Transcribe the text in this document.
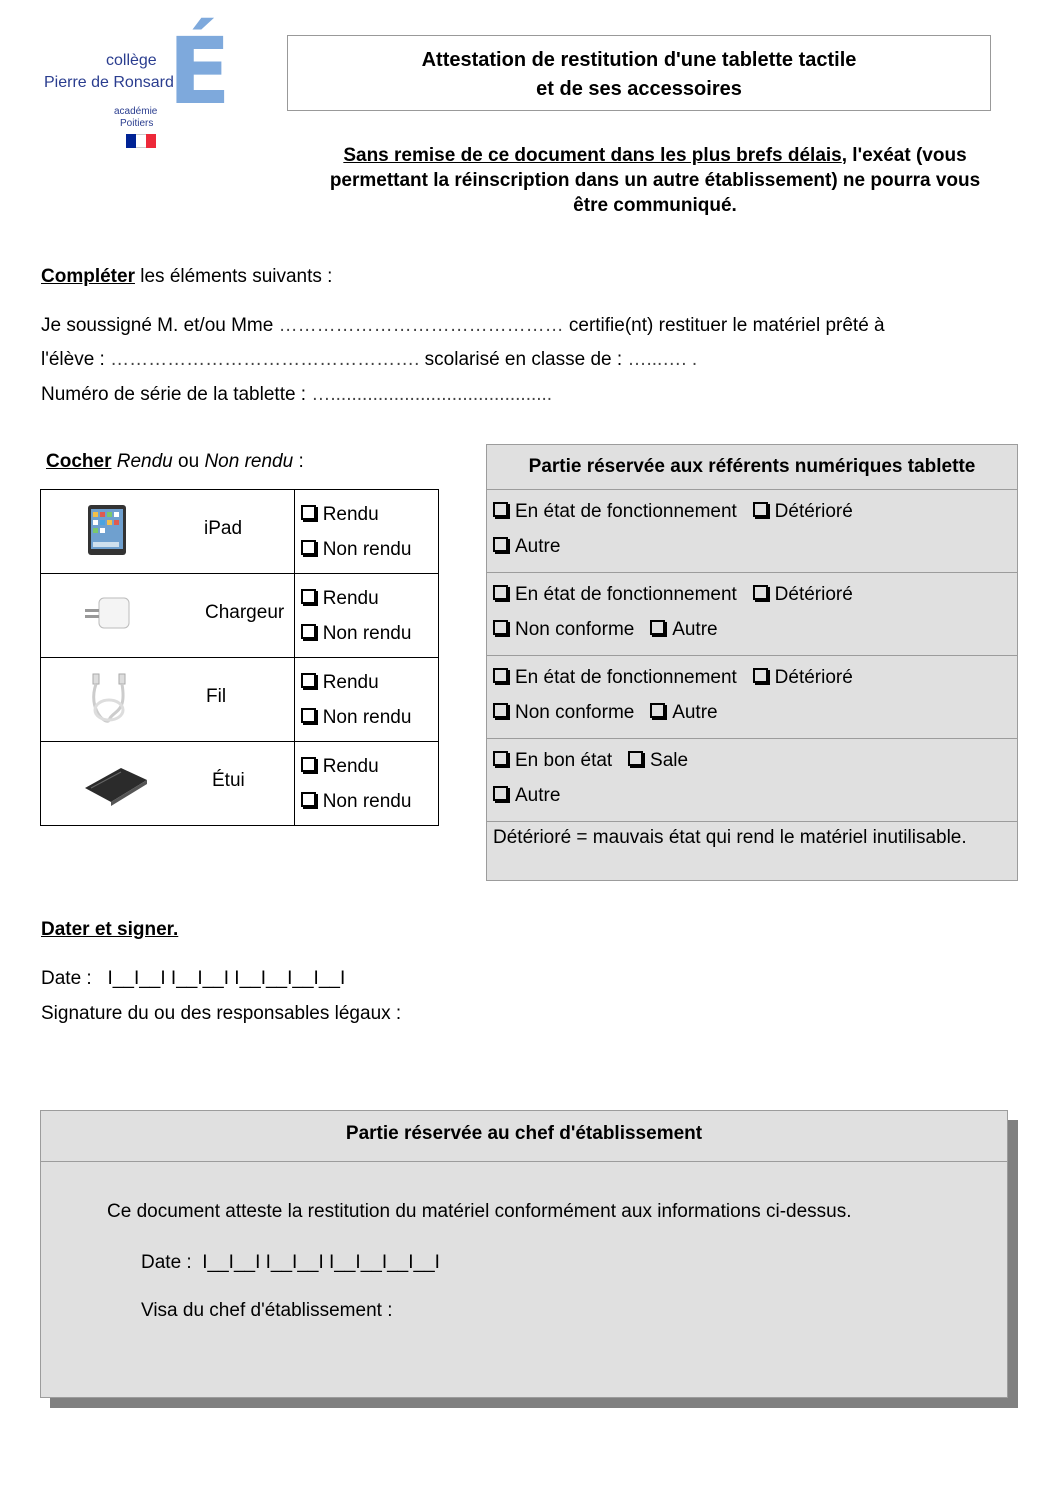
É
collège
Pierre de Ronsard
académie
Poitiers
Attestation de restitution d'une tablette tactile
et de ses accessoires
Sans remise de ce document dans les plus brefs délais, l'exéat (vous
permettant la réinscription dans un autre établissement) ne pourra vous
être communiqué.
Compléter les éléments suivants :
Je soussigné M. et/ou Mme ……………………………………… certifie(nt) restituer le matériel prêté à
l'élève : …………………………………………. scolarisé en classe de : …...…. .
Numéro de série de la tablette : …..........................................
Cocher Rendu ou Non rendu :
iPad	Rendu
Non rendu

Chargeur	Rendu
Non rendu

Fil	Rendu
Non rendu

Étui	Rendu
Non rendu
Partie réservée aux référents numériques tablette

En état de fonctionnement Détérioré
Autre

En état de fonctionnement Détérioré
Non conforme Autre

En état de fonctionnement Détérioré
Non conforme Autre

En bon état Sale
Autre

Détérioré = mauvais état qui rend le matériel inutilisable.
Dater et signer.
Date :   I__I__I I__I__I I__I__I__I__I
Signature du ou des responsables légaux :
Partie réservée au chef d'établissement
Ce document atteste la restitution du matériel conformément aux informations ci-dessus.
Date :  I__I__I I__I__I I__I__I__I__I
Visa du chef d'établissement :
